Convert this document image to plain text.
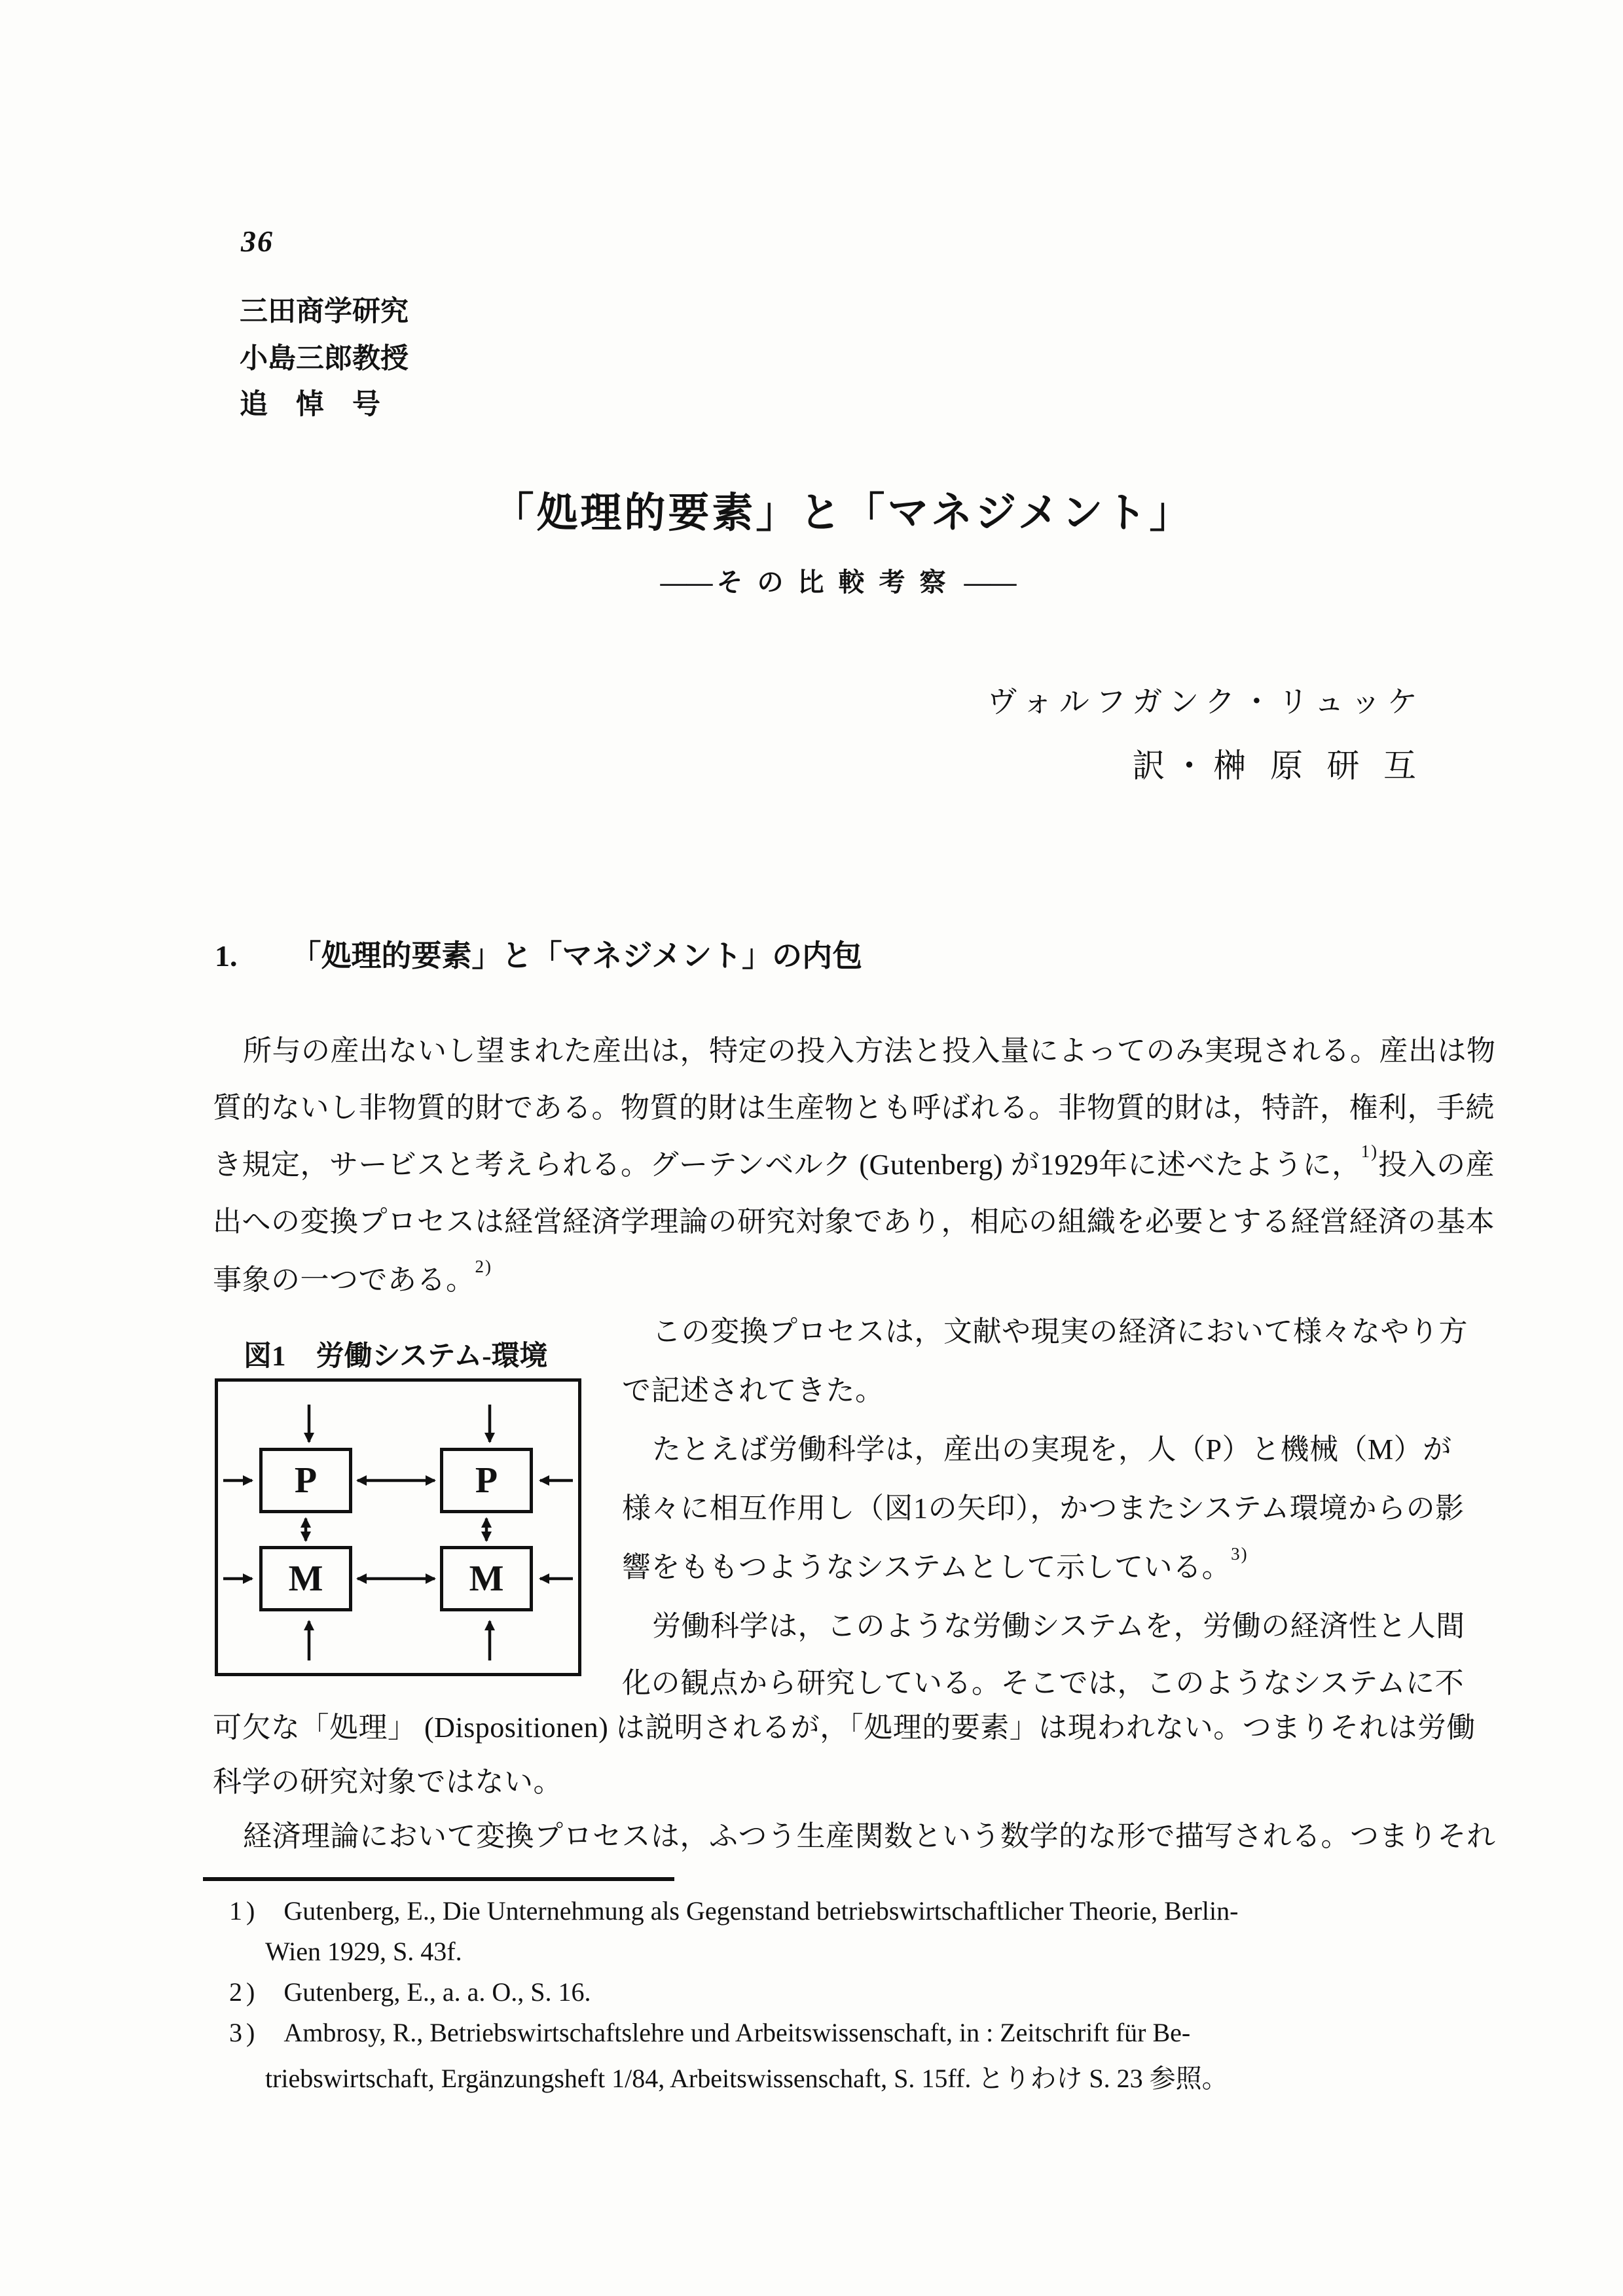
36
三田商学研究
小島三郎教授
追　悼　号
「処理的要素」と「マネジメント」
―― その比較考察 ――
ヴォルフガンク・リュッケ
訳・榊 原 研 互
1. 「処理的要素」と「マネジメント」の内包
所与の産出ないし望まれた産出は，特定の投入方法と投入量によってのみ実現される。産出は物
質的ないし非物質的財である。物質的財は生産物とも呼ばれる。非物質的財は，特許，権利，手続
き規定，サービスと考えられる。グーテンベルク (Gutenberg) が1929年に述べたように，$^{1)}$投入の産
出への変換プロセスは経営経済学理論の研究対象であり，相応の組織を必要とする経営経済の基本
事象の一つである。$^{2)}$
図1 労働システム-環境
P	P
M	M
この変換プロセスは，文献や現実の経済において様々なやり方
で記述されてきた。
たとえば労働科学は，産出の実現を，人（P）と機械（M）が
様々に相互作用し（図1の矢印），かつまたシステム環境からの影
響をももつようなシステムとして示している。$^{3)}$
労働科学は，このような労働システムを，労働の経済性と人間
化の観点から研究している。そこでは，このようなシステムに不
可欠な「処理」 (Dispositionen) は説明されるが，「処理的要素」は現われない。つまりそれは労働
科学の研究対象ではない。
経済理論において変換プロセスは，ふつう生産関数という数学的な形で描写される。つまりそれ
1) Gutenberg, E., Die Unternehmung als Gegenstand betriebswirtschaftlicher Theorie, Berlin-
Wien 1929, S. 43f.
2) Gutenberg, E., a. a. O., S. 16.
3) Ambrosy, R., Betriebswirtschaftslehre und Arbeitswissenschaft, in : Zeitschrift für Be-
triebswirtschaft, Ergänzungsheft 1/84, Arbeitswissenschaft, S. 15ff. とりわけ S. 23 参照。
